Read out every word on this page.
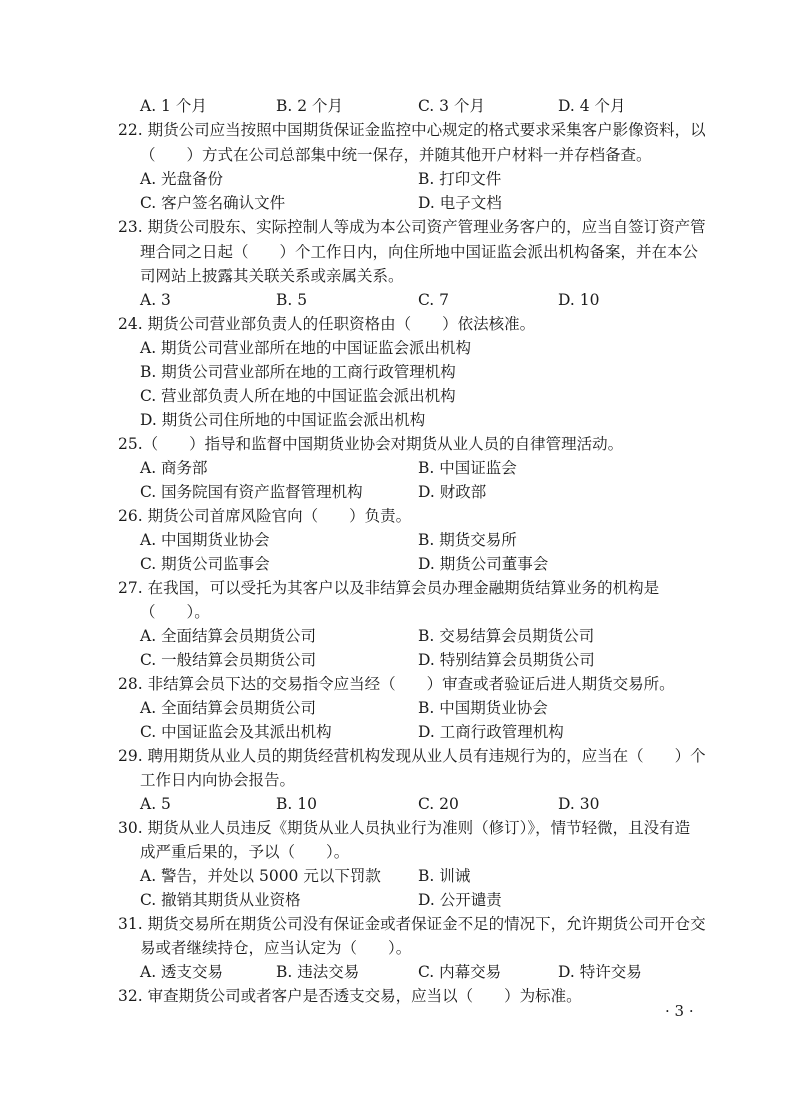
A. 1 个月	B. 2 个月	C. 3 个月	D. 4 个月
22. 期货公司应当按照中国期货保证金监控中心规定的格式要求采集客户影像资料，以
（　　）方式在公司总部集中统一保存，并随其他开户材料一并存档备查。
A. 光盘备份	B. 打印文件
C. 客户签名确认文件	D. 电子文档
23. 期货公司股东、实际控制人等成为本公司资产管理业务客户的，应当自签订资产管
理合同之日起（　　）个工作日内，向住所地中国证监会派出机构备案，并在本公
司网站上披露其关联关系或亲属关系。
A. 3	B. 5	C. 7	D. 10
24. 期货公司营业部负责人的任职资格由（　　）依法核准。
A. 期货公司营业部所在地的中国证监会派出机构
B. 期货公司营业部所在地的工商行政管理机构
C. 营业部负责人所在地的中国证监会派出机构
D. 期货公司住所地的中国证监会派出机构
25.（　　）指导和监督中国期货业协会对期货从业人员的自律管理活动。
A. 商务部	B. 中国证监会
C. 国务院国有资产监督管理机构	D. 财政部
26. 期货公司首席风险官向（　　）负责。
A. 中国期货业协会	B. 期货交易所
C. 期货公司监事会	D. 期货公司董事会
27. 在我国，可以受托为其客户以及非结算会员办理金融期货结算业务的机构是
（　　）。
A. 全面结算会员期货公司	B. 交易结算会员期货公司
C. 一般结算会员期货公司	D. 特别结算会员期货公司
28. 非结算会员下达的交易指令应当经（　　）审查或者验证后进人期货交易所。
A. 全面结算会员期货公司	B. 中国期货业协会
C. 中国证监会及其派出机构	D. 工商行政管理机构
29. 聘用期货从业人员的期货经营机构发现从业人员有违规行为的，应当在（　　）个
工作日内向协会报告。
A. 5	B. 10	C. 20	D. 30
30. 期货从业人员违反《期货从业人员执业行为准则（修订）》，情节轻微，且没有造
成严重后果的，予以（　　）。
A. 警告，并处以 5000 元以下罚款 B. 训诫
C. 撤销其期货从业资格	D. 公开谴责
31. 期货交易所在期货公司没有保证金或者保证金不足的情况下，允许期货公司开仓交
易或者继续持仓，应当认定为（　　）。
A. 透支交易	B. 违法交易	C. 内幕交易	D. 特许交易
32. 审查期货公司或者客户是否透支交易，应当以（　　）为标准。
· 3 ·
